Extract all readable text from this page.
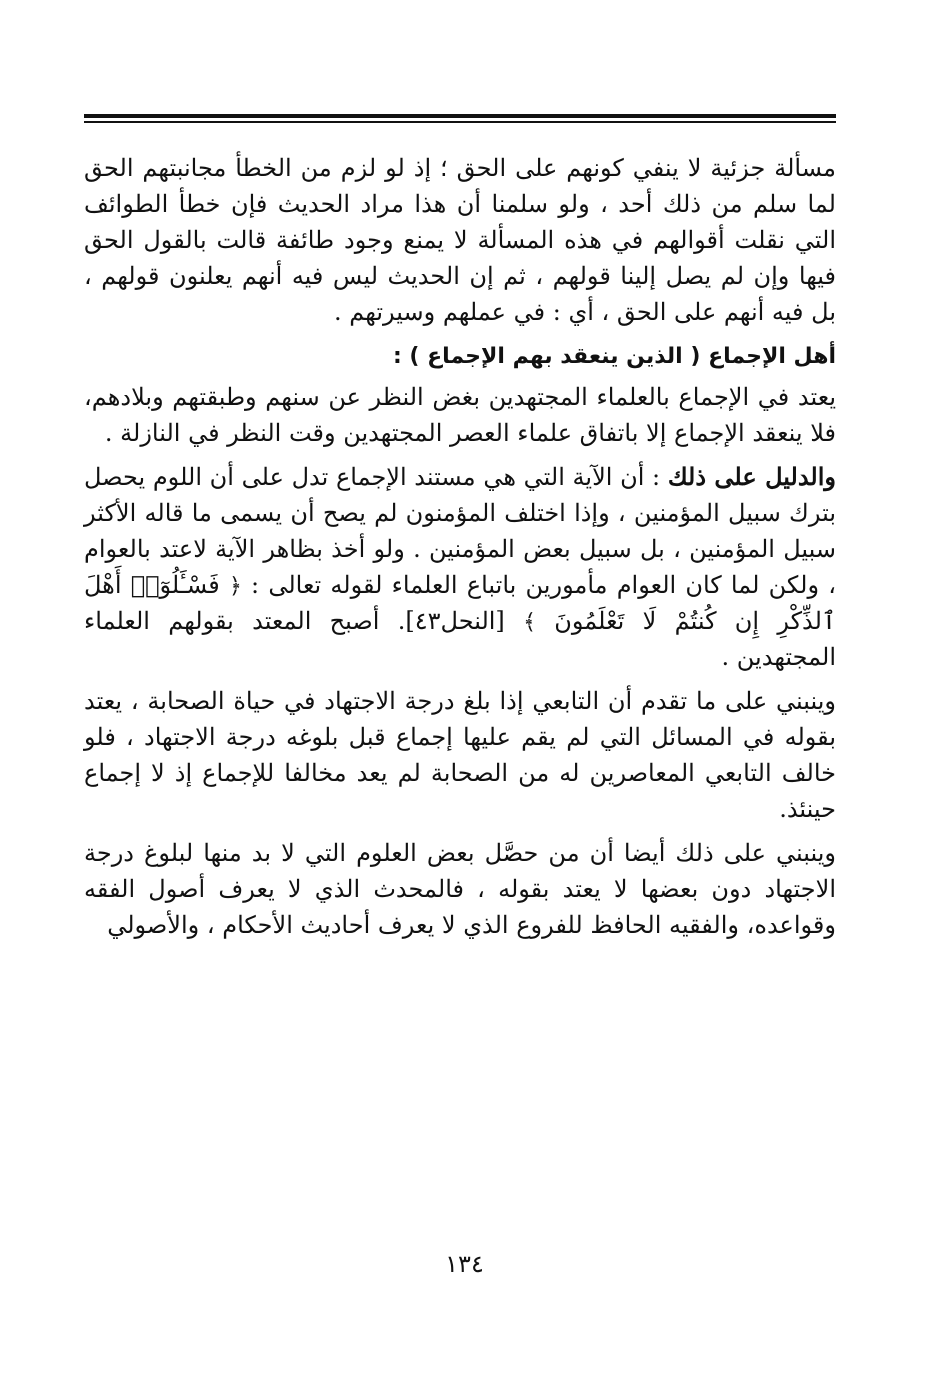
مسألة جزئية لا ينفي كونهم على الحق ؛ إذ لو لزم من الخطأ مجانبتهم الحق لما سلم من ذلك أحد ، ولو سلمنا أن هذا مراد الحديث فإن خطأ الطوائف التي نقلت أقوالهم في هذه المسألة لا يمنع وجود طائفة قالت بالقول الحق فيها وإن لم يصل إلينا قولهم ، ثم إن الحديث ليس فيه أنهم يعلنون قولهم ، بل فيه أنهم على الحق ، أي : في عملهم وسيرتهم .

أهل الإجماع ( الذين ينعقد بهم الإجماع ) :

يعتد في الإجماع بالعلماء المجتهدين بغض النظر عن سنهم وطبقتهم وبلادهم، فلا ينعقد الإجماع إلا باتفاق علماء العصر المجتهدين وقت النظر في النازلة .

والدليل على ذلك : أن الآية التي هي مستند الإجماع تدل على أن اللوم يحصل بترك سبيل المؤمنين ، وإذا اختلف المؤمنون لم يصح أن يسمى ما قاله الأكثر سبيل المؤمنين ، بل سبيل بعض المؤمنين . ولو أخذ بظاهر الآية لاعتد بالعوام ، ولكن لما كان العوام مأمورين باتباع العلماء لقوله تعالى : ﴿ فَسْـَٔلُوٓا۟ أَهْلَ ٱلذِّكْرِ إِن كُنتُمْ لَا تَعْلَمُونَ ﴾ [النحل٤٣]. أصبح المعتد بقولهم العلماء المجتهدين .

وينبني على ما تقدم أن التابعي إذا بلغ درجة الاجتهاد في حياة الصحابة ، يعتد بقوله في المسائل التي لم يقم عليها إجماع قبل بلوغه درجة الاجتهاد ، فلو خالف التابعي المعاصرين له من الصحابة لم يعد مخالفا للإجماع إذ لا إجماع حينئذ.

وينبني على ذلك أيضا أن من حصَّل بعض العلوم التي لا بد منها لبلوغ درجة الاجتهاد دون بعضها لا يعتد بقوله ، فالمحدث الذي لا يعرف أصول الفقه وقواعده، والفقيه الحافظ للفروع الذي لا يعرف أحاديث الأحكام ، والأصولي

١٣٤
